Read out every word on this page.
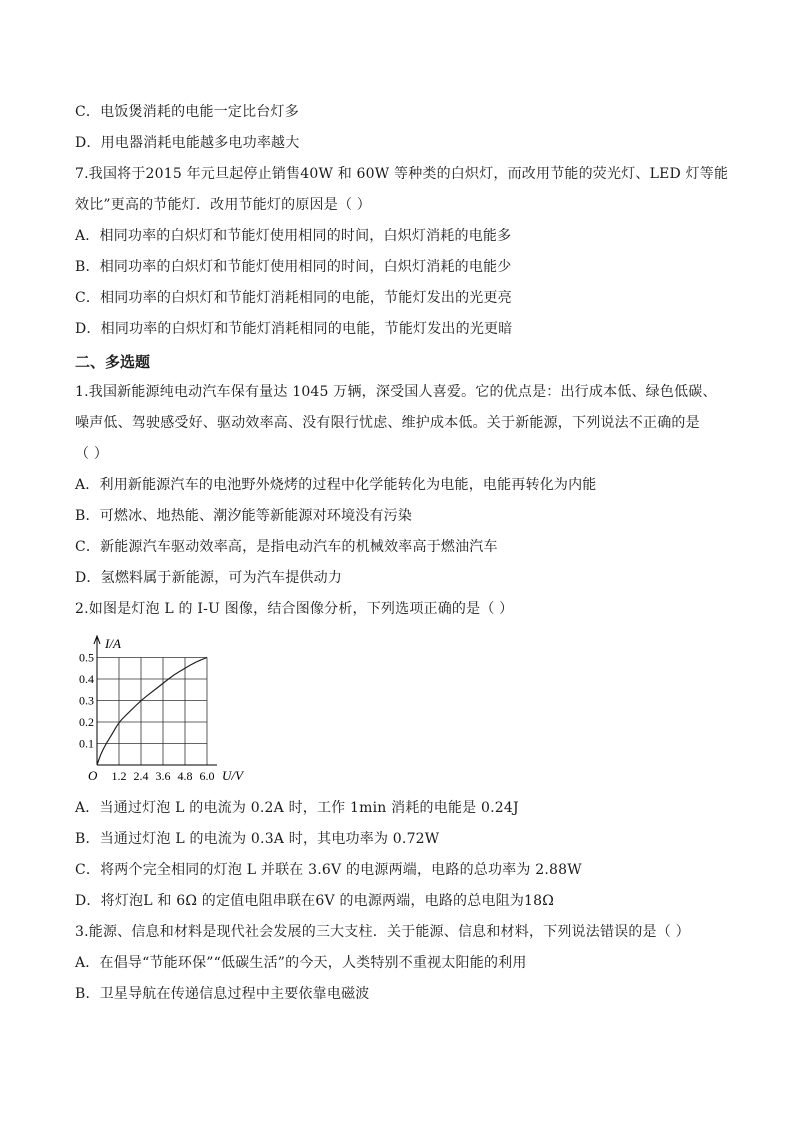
C．电饭煲消耗的电能一定比台灯多
D．用电器消耗电能越多电功率越大
7.我国将于2015 年元旦起停止销售40W 和 60W 等种类的白炽灯，而改用节能的荧光灯、LED 灯等能
效比”更高的节能灯．改用节能灯的原因是（ ）
A．相同功率的白炽灯和节能灯使用相同的时间，白炽灯消耗的电能多
B．相同功率的白炽灯和节能灯使用相同的时间，白炽灯消耗的电能少
C．相同功率的白炽灯和节能灯消耗相同的电能，节能灯发出的光更亮
D．相同功率的白炽灯和节能灯消耗相同的电能，节能灯发出的光更暗
二、多选题
1.我国新能源纯电动汽车保有量达 1045 万辆，深受国人喜爱。它的优点是：出行成本低、绿色低碳、
噪声低、驾驶感受好、驱动效率高、没有限行忧虑、维护成本低。关于新能源，下列说法不正确的是
（ ）
A．利用新能源汽车的电池野外烧烤的过程中化学能转化为电能，电能再转化为内能
B．可燃冰、地热能、潮汐能等新能源对环境没有污染
C．新能源汽车驱动效率高，是指电动汽车的机械效率高于燃油汽车
D．氢燃料属于新能源，可为汽车提供动力
2.如图是灯泡 L 的 I-U 图像，结合图像分析，下列选项正确的是（ ）
I/A
U/V
O 1.2 2.4 3.6 4.8 6.0
0.1
0.2
0.3
0.4
0.5
A．当通过灯泡 L 的电流为 0.2A 时，工作 1min 消耗的电能是 0.24J
B．当通过灯泡 L 的电流为 0.3A 时，其电功率为 0.72W
C．将两个完全相同的灯泡 L 并联在 3.6V 的电源两端，电路的总功率为 2.88W
D．将灯泡L 和 6Ω 的定值电阻串联在6V 的电源两端，电路的总电阻为18Ω
3.能源、信息和材料是现代社会发展的三大支柱．关于能源、信息和材料，下列说法错误的是（ ）
A．在倡导“节能环保”“低碳生活”的今天，人类特别不重视太阳能的利用
B．卫星导航在传递信息过程中主要依靠电磁波
